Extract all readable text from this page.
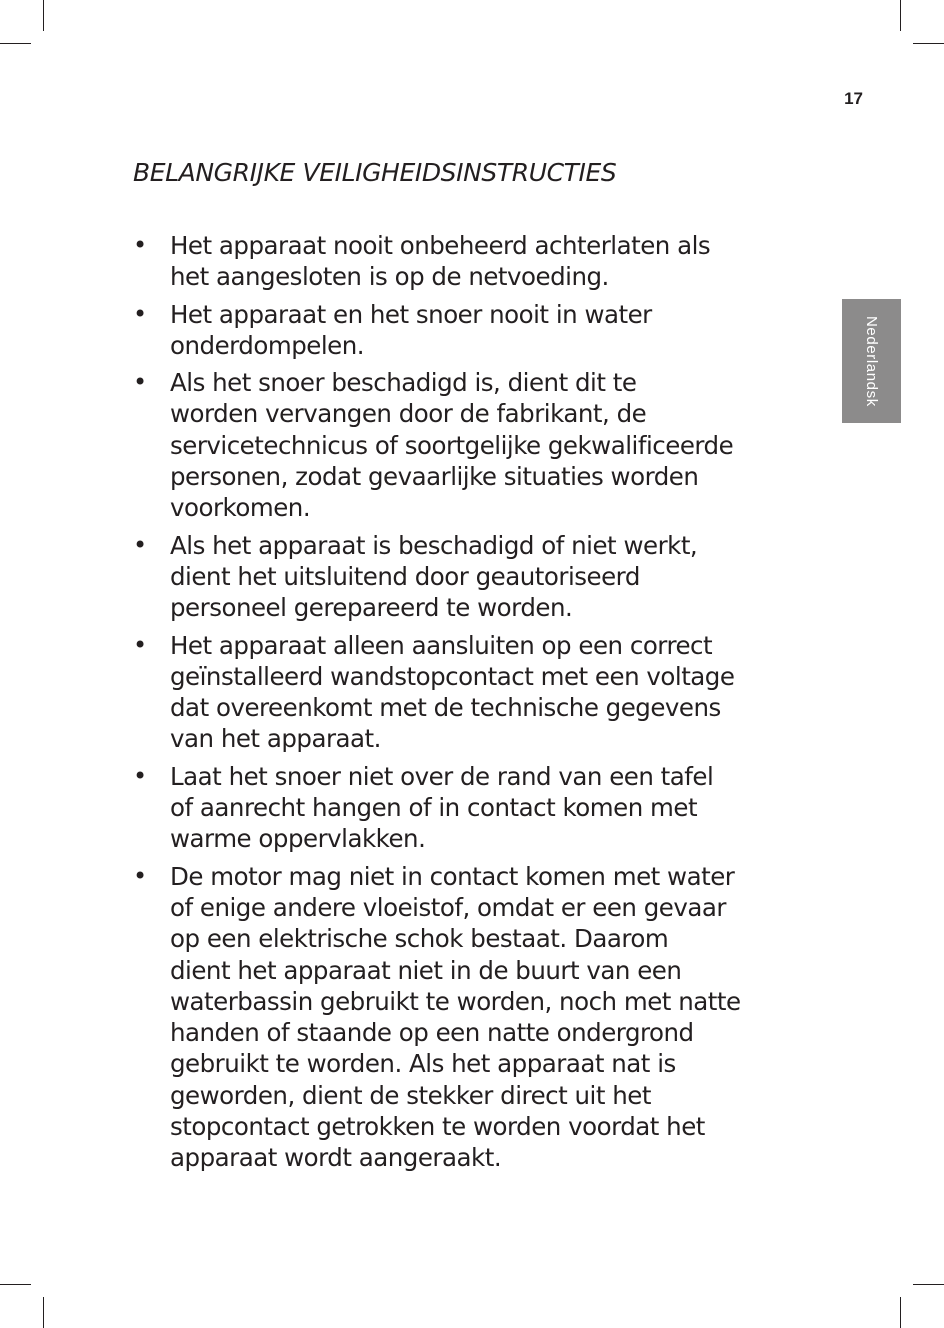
17
Nederlandsk
BELANGRIJKE VEILIGHEIDSINSTRUCTIES
• Het apparaat nooit onbeheerd achterlaten als
het aangesloten is op de netvoeding.
• Het apparaat en het snoer nooit in water
onderdompelen.
• Als het snoer beschadigd is, dient dit te
worden vervangen door de fabrikant, de
servicetechnicus of soortgelijke gekwalificeerde
personen, zodat gevaarlijke situaties worden
voorkomen.
• Als het apparaat is beschadigd of niet werkt,
dient het uitsluitend door geautoriseerd
personeel gerepareerd te worden.
• Het apparaat alleen aansluiten op een correct
geïnstalleerd wandstopcontact met een voltage
dat overeenkomt met de technische gegevens
van het apparaat.
• Laat het snoer niet over de rand van een tafel
of aanrecht hangen of in contact komen met
warme oppervlakken.
• De motor mag niet in contact komen met water
of enige andere vloeistof, omdat er een gevaar
op een elektrische schok bestaat. Daarom
dient het apparaat niet in de buurt van een
waterbassin gebruikt te worden, noch met natte
handen of staande op een natte ondergrond
gebruikt te worden. Als het apparaat nat is
geworden, dient de stekker direct uit het
stopcontact getrokken te worden voordat het
apparaat wordt aangeraakt.
